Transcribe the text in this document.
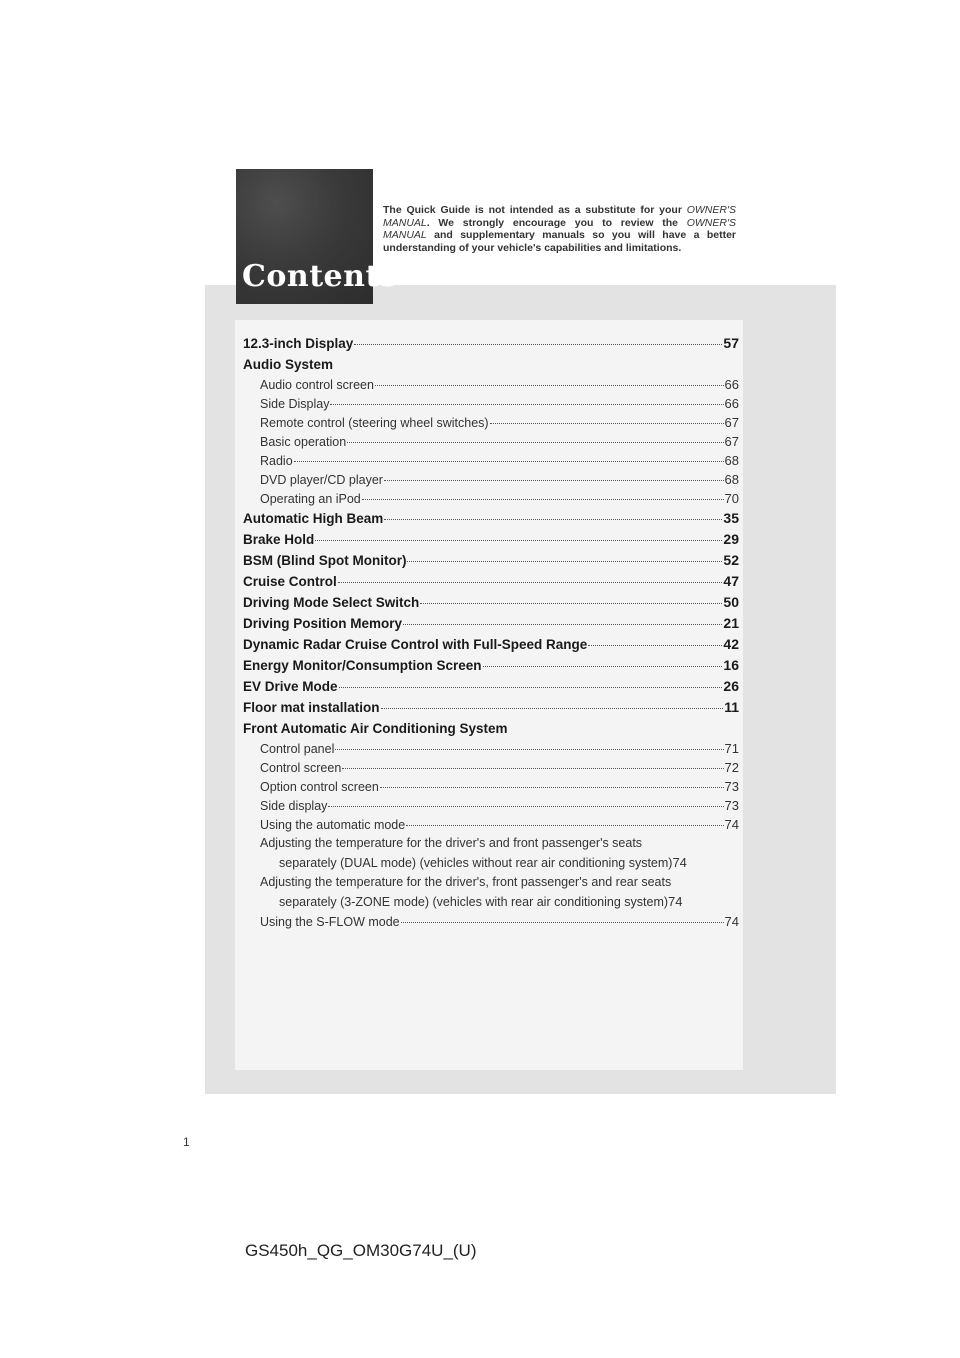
Contents
The Quick Guide is not intended as a substitute for your OWNER'S MANUAL. We strongly encourage you to review the OWNER'S MANUAL and supplementary manuals so you will have a better understanding of your vehicle's capabilities and limitations.
12.3-inch Display	57
Audio System
Audio control screen	66
Side Display	66
Remote control (steering wheel switches)	67
Basic operation	67
Radio	68
DVD player/CD player	68
Operating an iPod	70
Automatic High Beam	35
Brake Hold	29
BSM (Blind Spot Monitor)	52
Cruise Control	47
Driving Mode Select Switch	50
Driving Position Memory	21
Dynamic Radar Cruise Control with Full-Speed Range	42
Energy Monitor/Consumption Screen	16
EV Drive Mode	26
Floor mat installation	11
Front Automatic Air Conditioning System
Control panel	71
Control screen	72
Option control screen	73
Side display	73
Using the automatic mode	74
Adjusting the temperature for the driver's and front passenger's seats
separately (DUAL mode) (vehicles without rear air conditioning system) 74
Adjusting the temperature for the driver's, front passenger's and rear seats
separately (3-ZONE mode) (vehicles with rear air conditioning system) 74
Using the S-FLOW mode	74
1
GS450h_QG_OM30G74U_(U)
